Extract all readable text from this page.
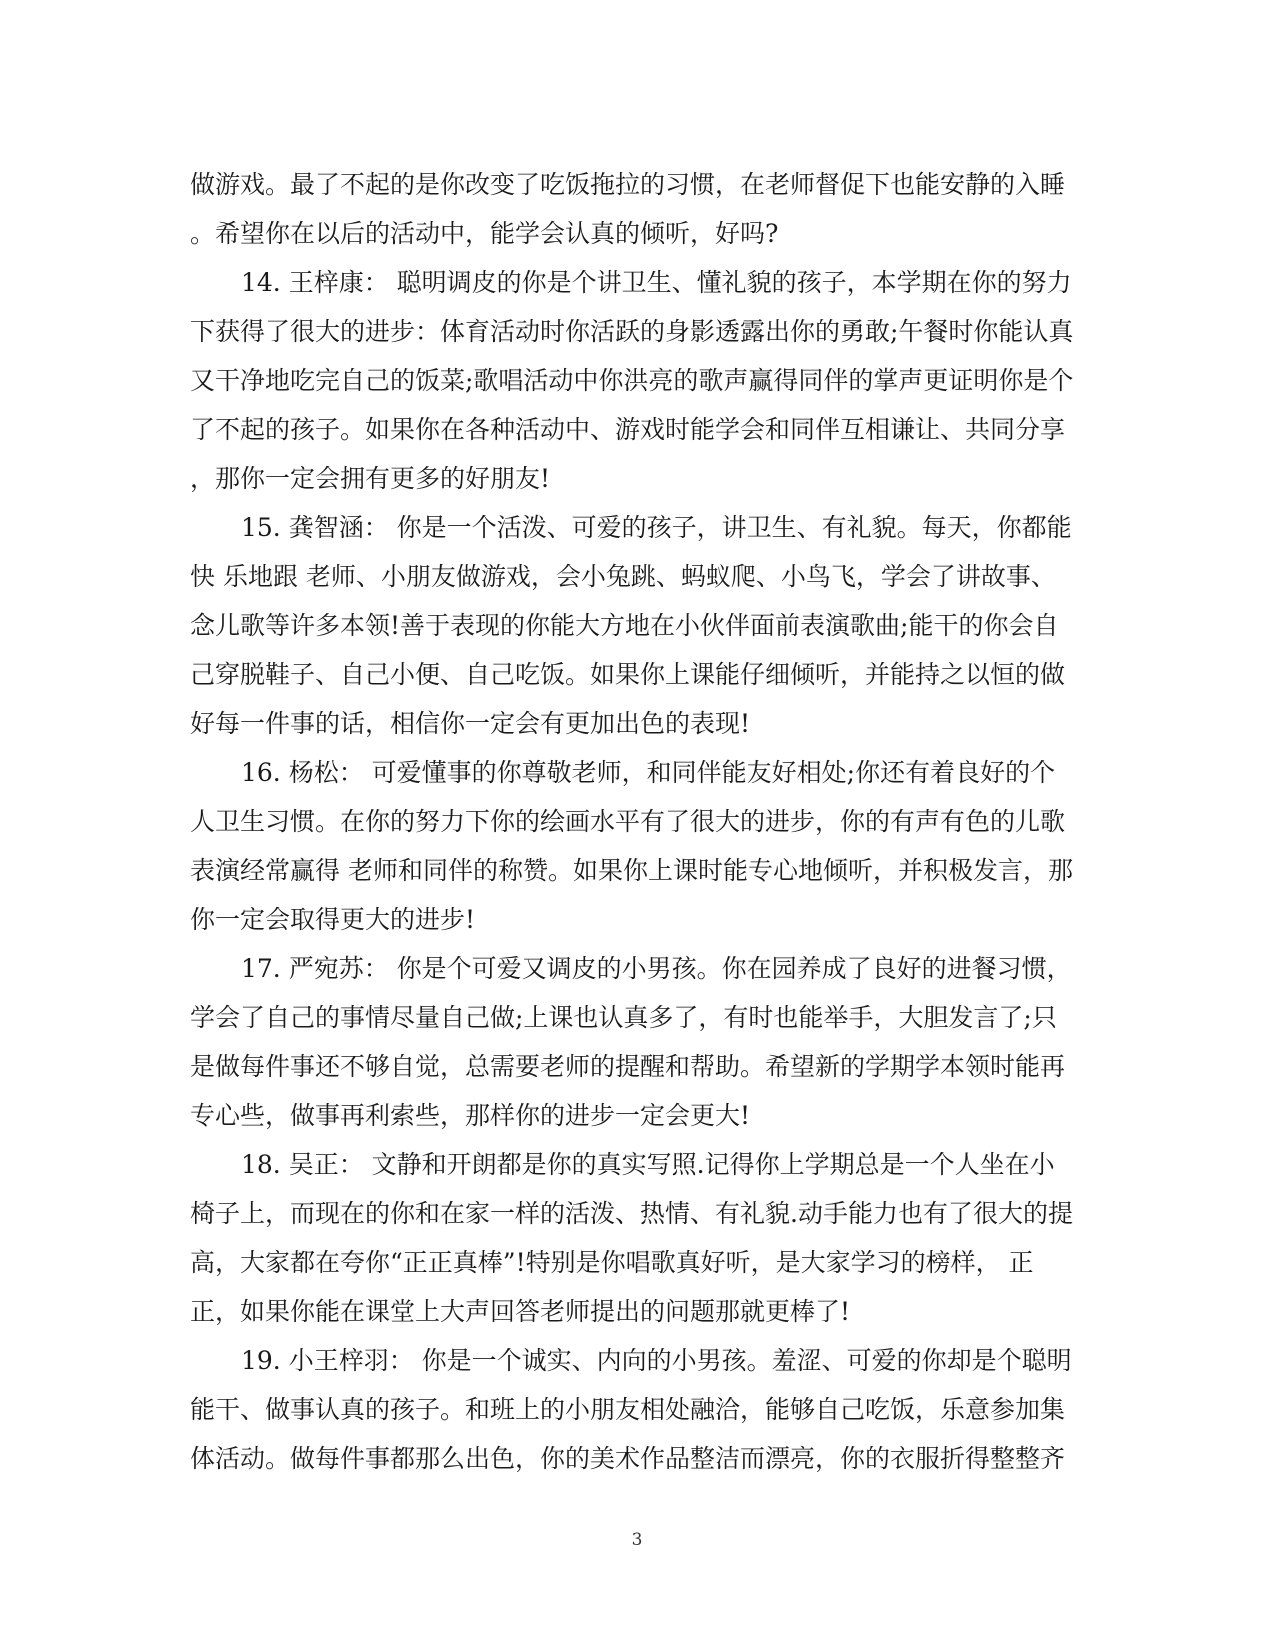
做游戏。最了不起的是你改变了吃饭拖拉的习惯，在老师督促下也能安静的入睡
。希望你在以后的活动中，能学会认真的倾听，好吗?
14. 王梓康： 聪明调皮的你是个讲卫生、懂礼貌的孩子，本学期在你的努力
下获得了很大的进步：体育活动时你活跃的身影透露出你的勇敢;午餐时你能认真
又干净地吃完自己的饭菜;歌唱活动中你洪亮的歌声赢得同伴的掌声更证明你是个
了不起的孩子。如果你在各种活动中、游戏时能学会和同伴互相谦让、共同分享
，那你一定会拥有更多的好朋友!
15. 龚智涵： 你是一个活泼、可爱的孩子，讲卫生、有礼貌。每天，你都能
快 乐地跟 老师、小朋友做游戏，会小兔跳、蚂蚁爬、小鸟飞，学会了讲故事、
念儿歌等许多本领!善于表现的你能大方地在小伙伴面前表演歌曲;能干的你会自
己穿脱鞋子、自己小便、自己吃饭。如果你上课能仔细倾听，并能持之以恒的做
好每一件事的话，相信你一定会有更加出色的表现!
16. 杨松： 可爱懂事的你尊敬老师，和同伴能友好相处;你还有着良好的个
人卫生习惯。在你的努力下你的绘画水平有了很大的进步，你的有声有色的儿歌
表演经常赢得 老师和同伴的称赞。如果你上课时能专心地倾听，并积极发言，那
你一定会取得更大的进步!
17. 严宛苏： 你是个可爱又调皮的小男孩。你在园养成了良好的进餐习惯，
学会了自己的事情尽量自己做;上课也认真多了，有时也能举手，大胆发言了;只
是做每件事还不够自觉，总需要老师的提醒和帮助。希望新的学期学本领时能再
专心些，做事再利索些，那样你的进步一定会更大!
18. 吴正： 文静和开朗都是你的真实写照.记得你上学期总是一个人坐在小
椅子上，而现在的你和在家一样的活泼、热情、有礼貌.动手能力也有了很大的提
高，大家都在夸你“正正真棒”!特别是你唱歌真好听，是大家学习的榜样， 正
正，如果你能在课堂上大声回答老师提出的问题那就更棒了!
19. 小王梓羽： 你是一个诚实、内向的小男孩。羞涩、可爱的你却是个聪明
能干、做事认真的孩子。和班上的小朋友相处融洽，能够自己吃饭，乐意参加集
体活动。做每件事都那么出色，你的美术作品整洁而漂亮，你的衣服折得整整齐
3
